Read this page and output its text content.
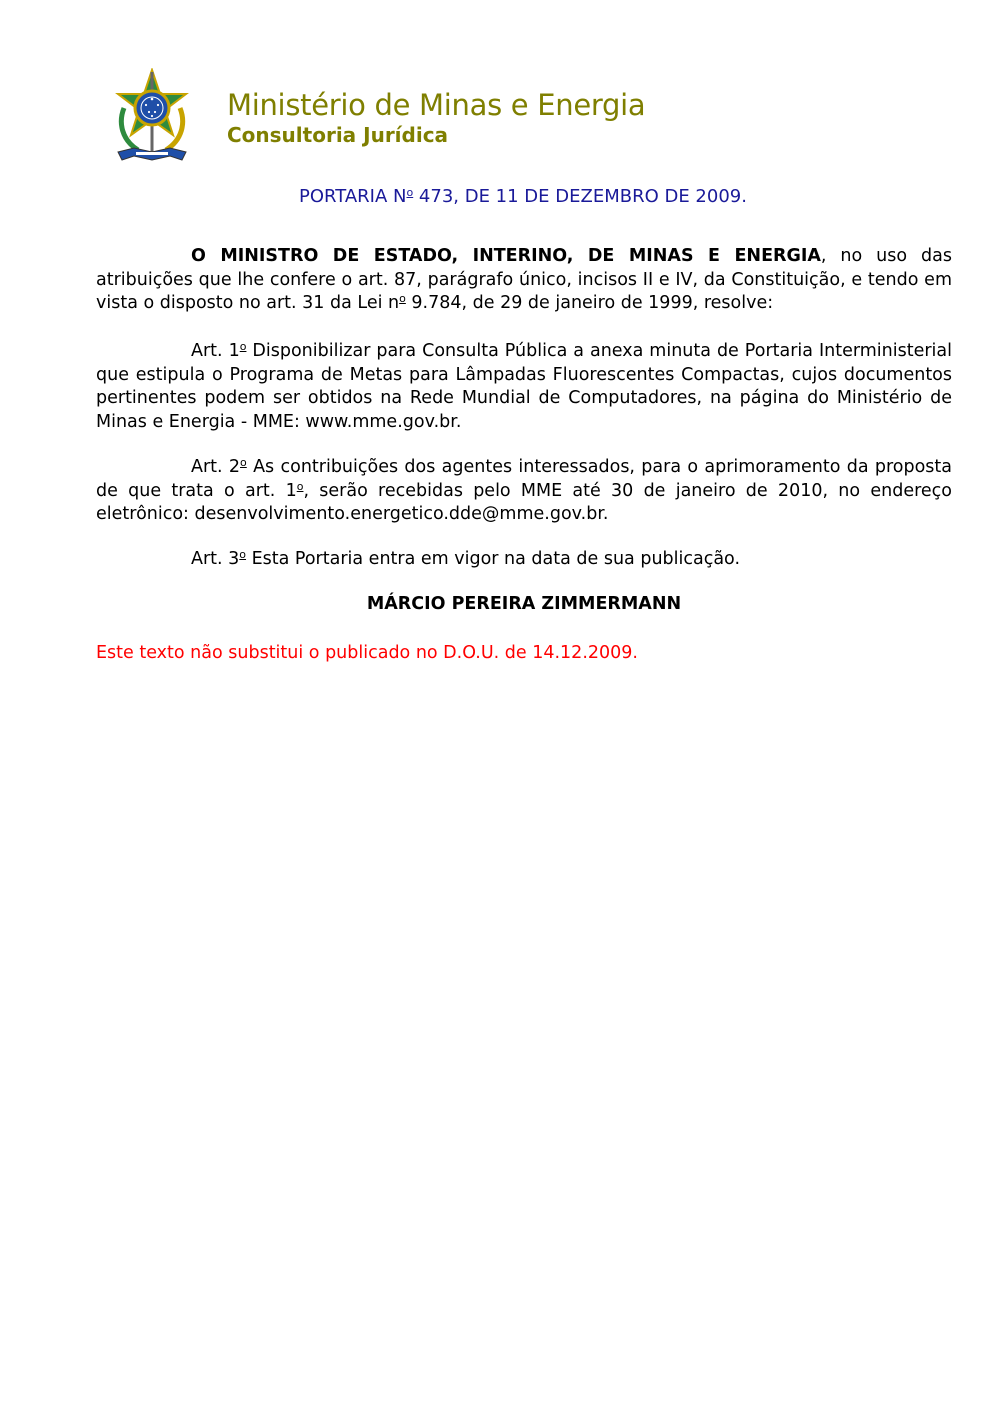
Ministério de Minas e Energia
Consultoria Jurídica
PORTARIA $N^o$ 473, DE 11 DE DEZEMBRO DE 2009.
O MINISTRO DE ESTADO, INTERINO, DE MINAS E ENERGIA, no uso das atribuições que lhe confere o art. 87, parágrafo único, incisos II e IV, da Constituição, e tendo em vista o disposto no art. 31 da Lei $n^o$ 9.784, de 29 de janeiro de 1999, resolve:
Art. 1$^o$ Disponibilizar para Consulta Pública a anexa minuta de Portaria Interministerial que estipula o Programa de Metas para Lâmpadas Fluorescentes Compactas, cujos documentos pertinentes podem ser obtidos na Rede Mundial de Computadores, na página do Ministério de Minas e Energia - MME: www.mme.gov.br.
Art. 2$^o$ As contribuições dos agentes interessados, para o aprimoramento da proposta de que trata o art. 1$^o$, serão recebidas pelo MME até 30 de janeiro de 2010, no endereço eletrônico: desenvolvimento.energetico.dde@mme.gov.br.
Art. 3$^o$ Esta Portaria entra em vigor na data de sua publicação.
MÁRCIO PEREIRA ZIMMERMANN
Este texto não substitui o publicado no D.O.U. de 14.12.2009.
